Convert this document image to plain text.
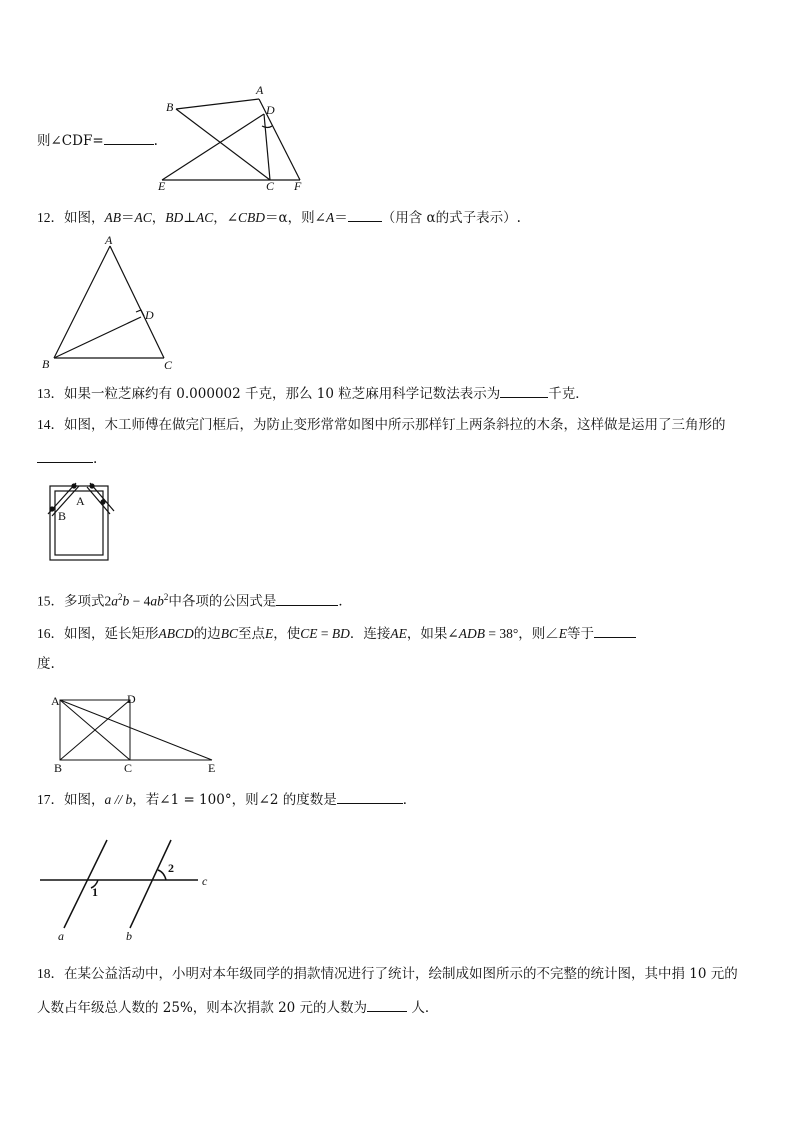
则∠CDF=	.
A
B	D
E	C F
12．如图，AB＝AC，BD⊥AC，∠CBD＝α，则∠A＝	（用含 α的式子表示）.
A
D
B	C
13．如果一粒芝麻约有 0.000002 千克，那么 10 粒芝麻用科学记数法表示为	千克．
14．如图，木工师傅在做完门框后，为防止变形常常如图中所示那样钉上两条斜拉的木条，这样做是运用了三角形的
.
A
B
15．多项式$2a^2b - 4ab^2$中各项的公因式是	．
16．如图，延长矩形ABCD的边BC至点E，使CE = BD．连接AE，如果∠ADB = 38°，则∠E等于
度.
A	D
B	C	E
17．如图，a // b，若∠1 = 100°，则∠2 的度数是	．
1
2
c
a	b
18．在某公益活动中，小明对本年级同学的捐款情况进行了统计，绘制成如图所示的不完整的统计图，其中捐 10 元的
人数占年级总人数的 25%，则本次捐款 20 元的人数为	人．
